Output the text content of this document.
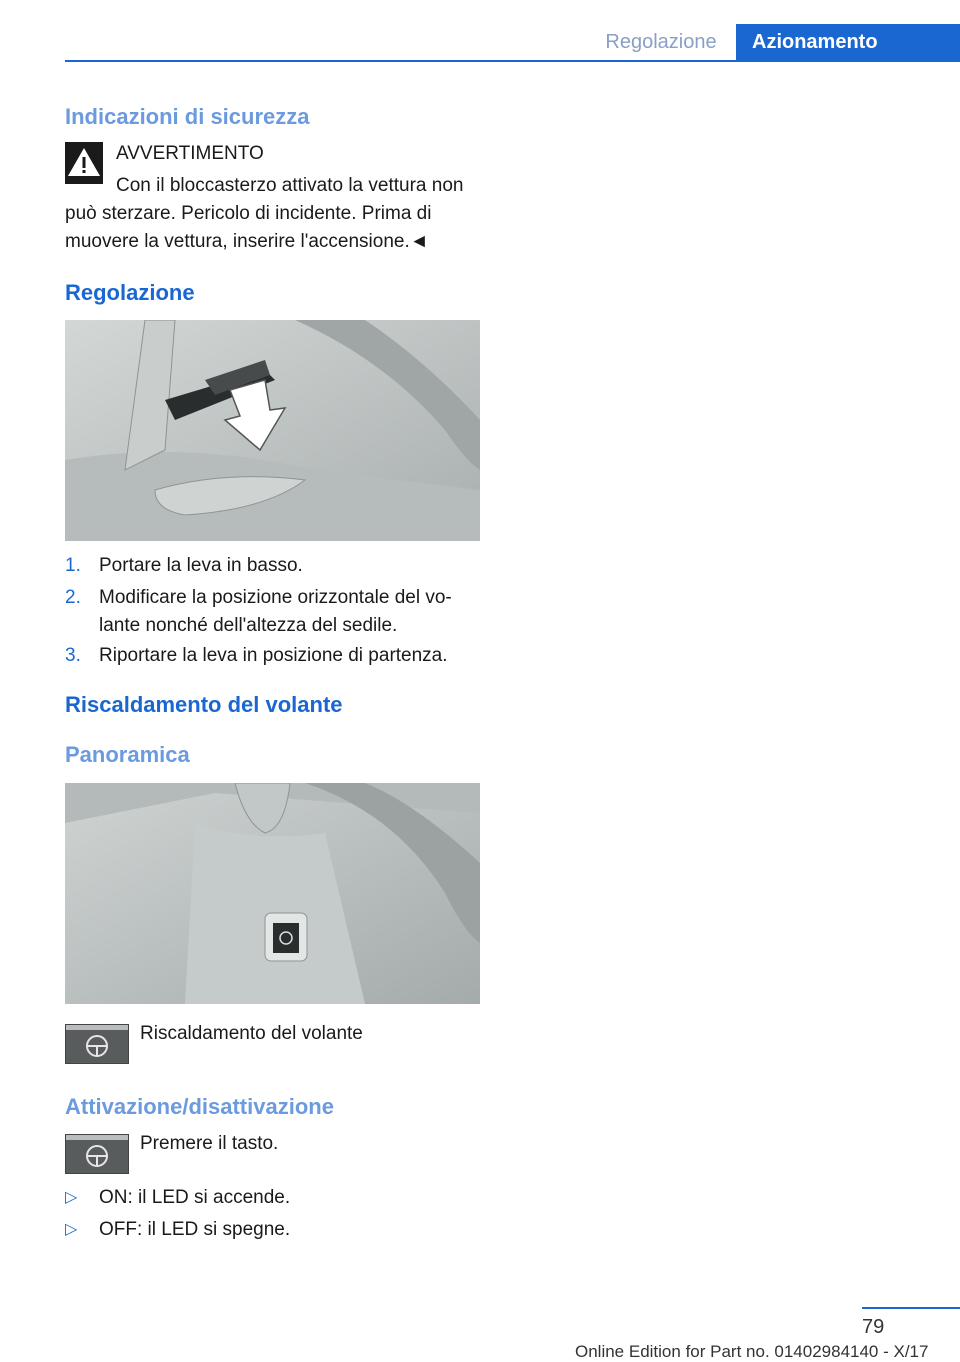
Regolazione	Azionamento
Indicazioni di sicurezza
AVVERTIMENTO
Con il bloccasterzo attivato la vettura non
può sterzare. Pericolo di incidente. Prima di
muovere la vettura, inserire l'accensione.◄
Regolazione
1. Portare la leva in basso.
2. Modificare la posizione orizzontale del vo‐
lante nonché dell'altezza del sedile.
3. Riportare la leva in posizione di partenza.
Riscaldamento del volante
Panoramica
Riscaldamento del volante
Attivazione/disattivazione
Premere il tasto.
▷ ON: il LED si accende.
▷ OFF: il LED si spegne.
79
Online Edition for Part no. 01402984140 - X/17
